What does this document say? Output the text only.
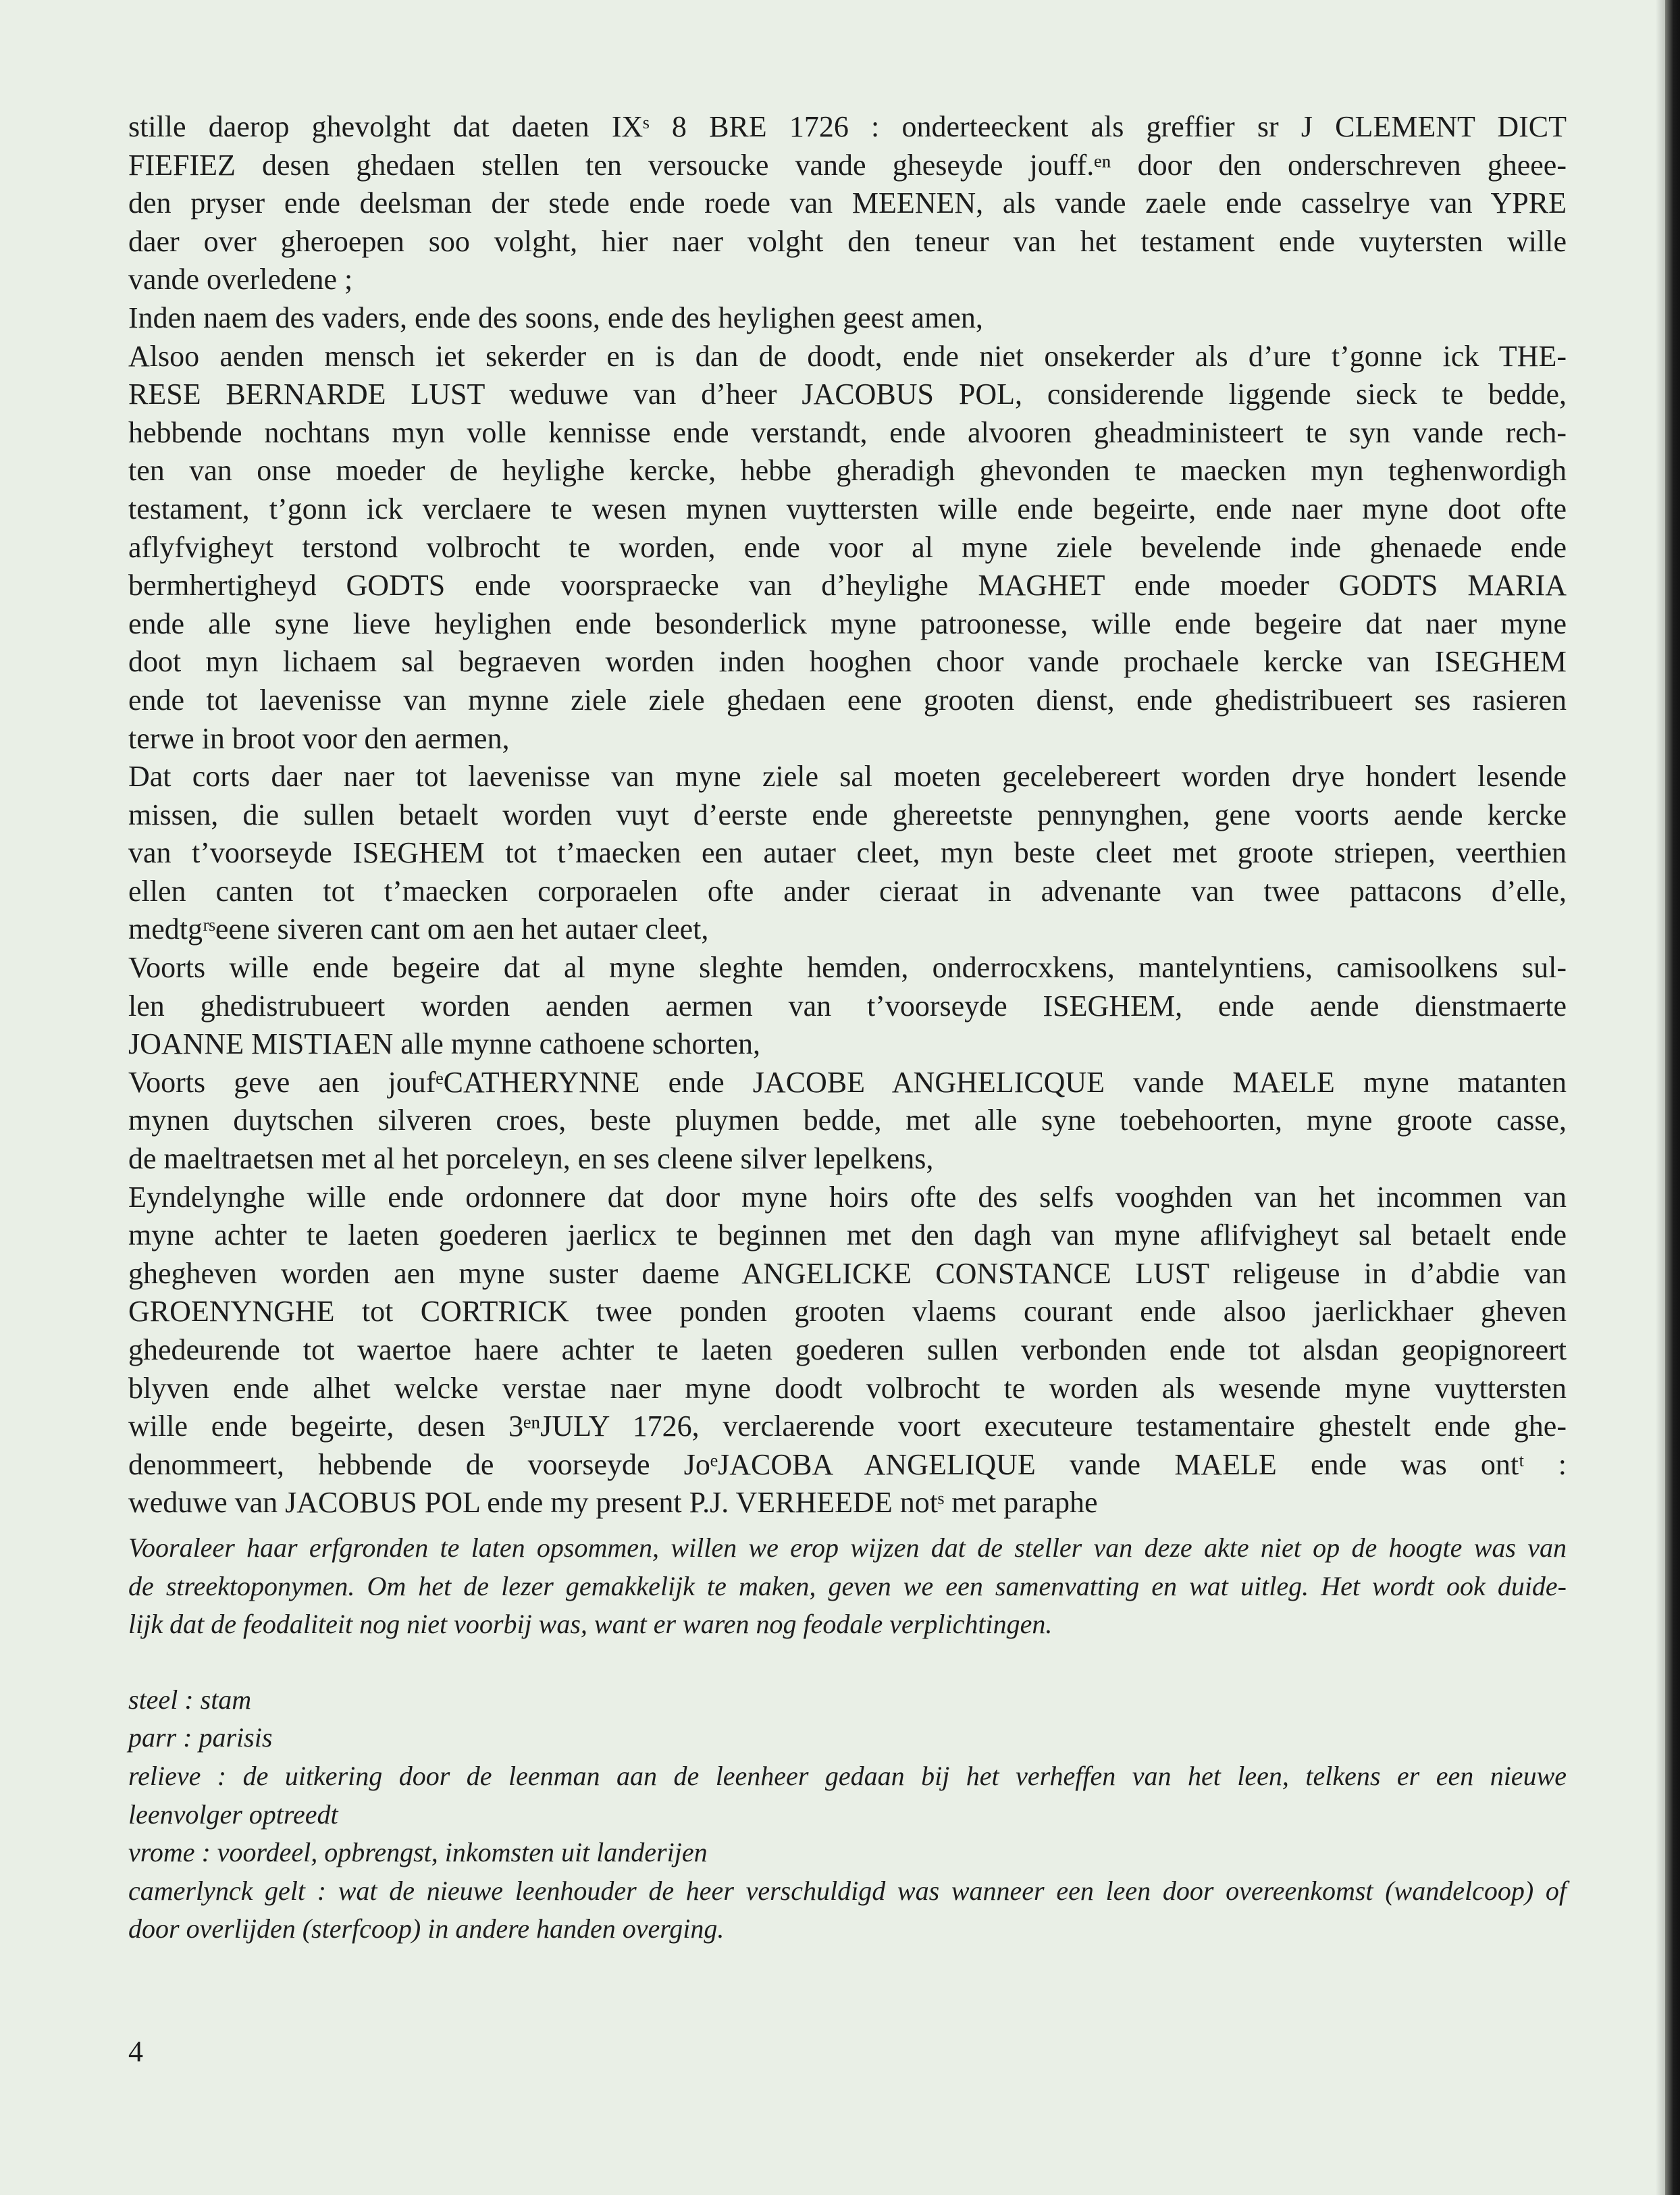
stille daerop ghevolght dat daeten IXˢ 8 BRE 1726 : onderteeckent als greffier sr J CLEMENT DICT
FIEFIEZ desen ghedaen stellen ten versoucke vande gheseyde jouff.ᵉⁿ door den onderschreven gheee-
den pryser ende deelsman der stede ende roede van MEENEN, als vande zaele ende casselrye van YPRE
daer over gheroepen soo volght, hier naer volght den teneur van het testament ende vuytersten wille
vande overledene ;
Inden naem des vaders, ende des soons, ende des heylighen geest amen,
Alsoo aenden mensch iet sekerder en is dan de doodt, ende niet onsekerder als d’ure t’gonne ick THE-
RESE BERNARDE LUST weduwe van d’heer JACOBUS POL, considerende liggende sieck te bedde,
hebbende nochtans myn volle kennisse ende verstandt, ende alvooren gheadministeert te syn vande rech-
ten van onse moeder de heylighe kercke, hebbe gheradigh ghevonden te maecken myn teghenwordigh
testament, t’gonn ick verclaere te wesen mynen vuyttersten wille ende begeirte, ende naer myne doot ofte
aflyfvigheyt terstond volbrocht te worden, ende voor al myne ziele bevelende inde ghenaede ende
bermhertigheyd GODTS ende voorspraecke van d’heylighe MAGHET ende moeder GODTS MARIA
ende alle syne lieve heylighen ende besonderlick myne patroonesse, wille ende begeire dat naer myne
doot myn lichaem sal begraeven worden inden hooghen choor vande prochaele kercke van ISEGHEM
ende tot laevenisse van mynne ziele ziele ghedaen eene grooten dienst, ende ghedistribueert ses rasieren
terwe in broot voor den aermen,
Dat corts daer naer tot laevenisse van myne ziele sal moeten gecelebereert worden drye hondert lesende
missen, die sullen betaelt worden vuyt d’eerste ende ghereetste pennynghen, gene voorts aende kercke
van t’voorseyde ISEGHEM tot t’maecken een autaer cleet, myn beste cleet met groote striepen, veerthien
ellen canten tot t’maecken corporaelen ofte ander cieraat in advenante van twee pattacons d’elle,
medtgʳˢeene siveren cant om aen het autaer cleet,
Voorts wille ende begeire dat al myne sleghte hemden, onderrocxkens, mantelyntiens, camisoolkens sul-
len ghedistrubueert worden aenden aermen van t’voorseyde ISEGHEM, ende aende dienstmaerte
JOANNE MISTIAEN alle mynne cathoene schorten,
Voorts geve aen joufᵉCATHERYNNE ende JACOBE ANGHELICQUE vande MAELE myne matanten
mynen duytschen silveren croes, beste pluymen bedde, met alle syne toebehoorten, myne groote casse,
de maeltraetsen met al het porceleyn, en ses cleene silver lepelkens,
Eyndelynghe wille ende ordonnere dat door myne hoirs ofte des selfs vooghden van het incommen van
myne achter te laeten goederen jaerlicx te beginnen met den dagh van myne aflifvigheyt sal betaelt ende
ghegheven worden aen myne suster daeme ANGELICKE CONSTANCE LUST religeuse in d’abdie van
GROENYNGHE tot CORTRICK twee ponden grooten vlaems courant ende alsoo jaerlickhaer gheven
ghedeurende tot waertoe haere achter te laeten goederen sullen verbonden ende tot alsdan geopignoreert
blyven ende alhet welcke verstae naer myne doodt volbrocht te worden als wesende myne vuyttersten
wille ende begeirte, desen 3ᵉⁿJULY 1726, verclaerende voort executeure testamentaire ghestelt ende ghe-
denommeert, hebbende de voorseyde JoᵉJACOBA ANGELIQUE vande MAELE ende was ontᵗ :
weduwe van JACOBUS POL ende my present P.J. VERHEEDE notˢ met paraphe
Vooraleer haar erfgronden te laten opsommen, willen we erop wijzen dat de steller van deze akte niet op de hoogte was van
de streektoponymen. Om het de lezer gemakkelijk te maken, geven we een samenvatting en wat uitleg. Het wordt ook duide-
lijk dat de feodaliteit nog niet voorbij was, want er waren nog feodale verplichtingen.
steel : stam
parr : parisis
relieve : de uitkering door de leenman aan de leenheer gedaan bij het verheffen van het leen, telkens er een nieuwe
leenvolger optreedt
vrome : voordeel, opbrengst, inkomsten uit landerijen
camerlynck gelt : wat de nieuwe leenhouder de heer verschuldigd was wanneer een leen door overeenkomst (wandelcoop) of
door overlijden (sterfcoop) in andere handen overging.
4
